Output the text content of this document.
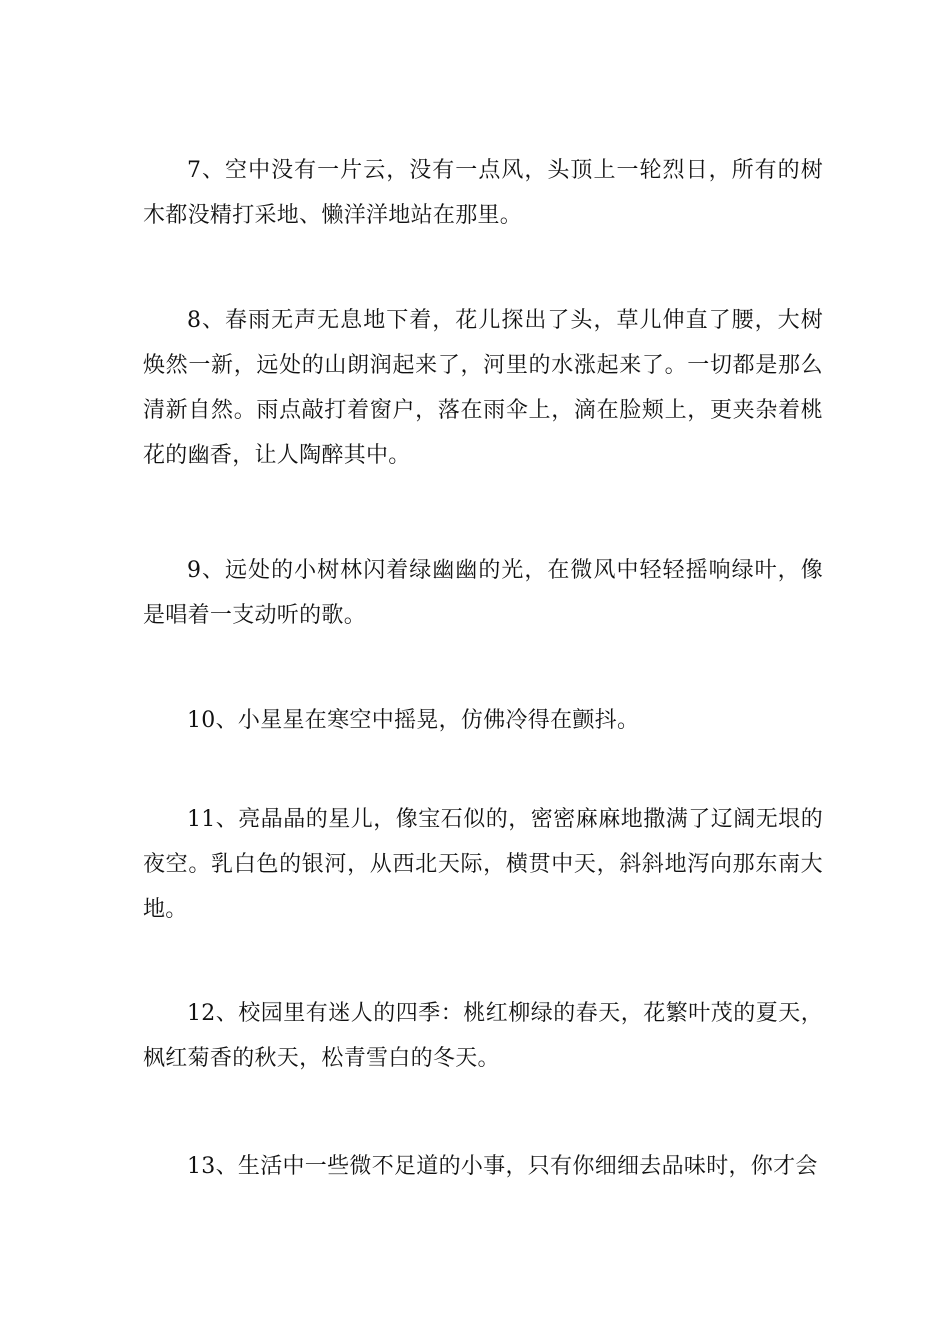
7、空中没有一片云，没有一点风，头顶上一轮烈日，所有的树木都没精打采地、懒洋洋地站在那里。

8、春雨无声无息地下着，花儿探出了头，草儿伸直了腰，大树焕然一新，远处的山朗润起来了，河里的水涨起来了。一切都是那么清新自然。雨点敲打着窗户，落在雨伞上，滴在脸颊上，更夹杂着桃花的幽香，让人陶醉其中。

9、远处的小树林闪着绿幽幽的光，在微风中轻轻摇响绿叶，像是唱着一支动听的歌。

10、小星星在寒空中摇晃，仿佛冷得在颤抖。

11、亮晶晶的星儿，像宝石似的，密密麻麻地撒满了辽阔无垠的夜空。乳白色的银河，从西北天际，横贯中天，斜斜地泻向那东南大地。

12、校园里有迷人的四季：桃红柳绿的春天，花繁叶茂的夏天，枫红菊香的秋天，松青雪白的冬天。

13、生活中一些微不足道的小事，只有你细细去品味时，你才会
